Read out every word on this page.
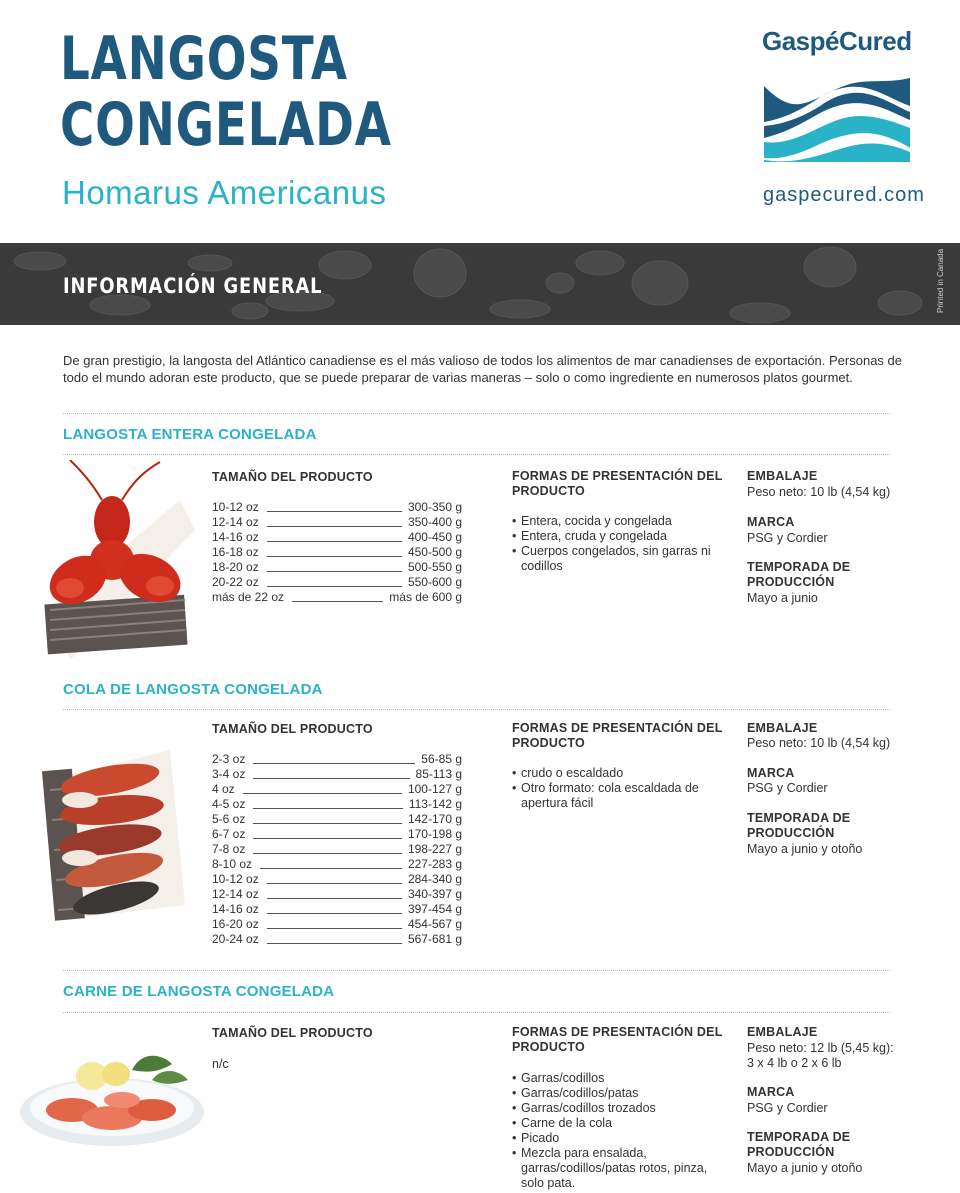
LANGOSTA
CONGELADA
Homarus Americanus
GaspéCured
gaspecured.com
INFORMACIÓN GENERAL	Printed in Canada
De gran prestigio, la langosta del Atlántico canadiense es el más valioso de todos los alimentos de mar canadienses de exportación. Personas de todo el mundo adoran este producto, que se puede preparar de varias maneras – solo o como ingrediente en numerosos platos gourmet.
LANGOSTA ENTERA CONGELADA
TAMAÑO DEL PRODUCTO
10-12 oz	300-350 g
12-14 oz	350-400 g
14-16 oz	400-450 g
16-18 oz	450-500 g
18-20 oz	500-550 g
20-22 oz	550-600 g
más de 22 oz	más de 600 g
FORMAS DE PRESENTACIÓN DEL PRODUCTO
• Entera, cocida y congelada
• Entera, cruda y congelada
• Cuerpos congelados, sin garras ni codillos
EMBALAJE
Peso neto: 10 lb (4,54 kg)
MARCA
PSG y Cordier
TEMPORADA DE PRODUCCIÓN
Mayo a junio
COLA DE LANGOSTA CONGELADA
TAMAÑO DEL PRODUCTO
2-3 oz	56-85 g
3-4 oz	85-113 g
4 oz	100-127 g
4-5 oz	113-142 g
5-6 oz	142-170 g
6-7 oz	170-198 g
7-8 oz	198-227 g
8-10 oz	227-283 g
10-12 oz	284-340 g
12-14 oz	340-397 g
14-16 oz	397-454 g
16-20 oz	454-567 g
20-24 oz	567-681 g
FORMAS DE PRESENTACIÓN DEL PRODUCTO
• crudo o escaldado
• Otro formato: cola escaldada de apertura fácil
EMBALAJE
Peso neto: 10 lb (4,54 kg)
MARCA
PSG y Cordier
TEMPORADA DE PRODUCCIÓN
Mayo a junio y otoño
CARNE DE LANGOSTA CONGELADA
TAMAÑO DEL PRODUCTO
n/c
FORMAS DE PRESENTACIÓN DEL PRODUCTO
• Garras/codillos
• Garras/codillos/patas
• Garras/codillos trozados
• Carne de la cola
• Picado
• Mezcla para ensalada, garras/codillos/patas rotos, pinza, solo pata.
EMBALAJE
Peso neto: 12 lb (5,45 kg): 3 x 4 lb o 2 x 6 lb
MARCA
PSG y Cordier
TEMPORADA DE PRODUCCIÓN
Mayo a junio y otoño
